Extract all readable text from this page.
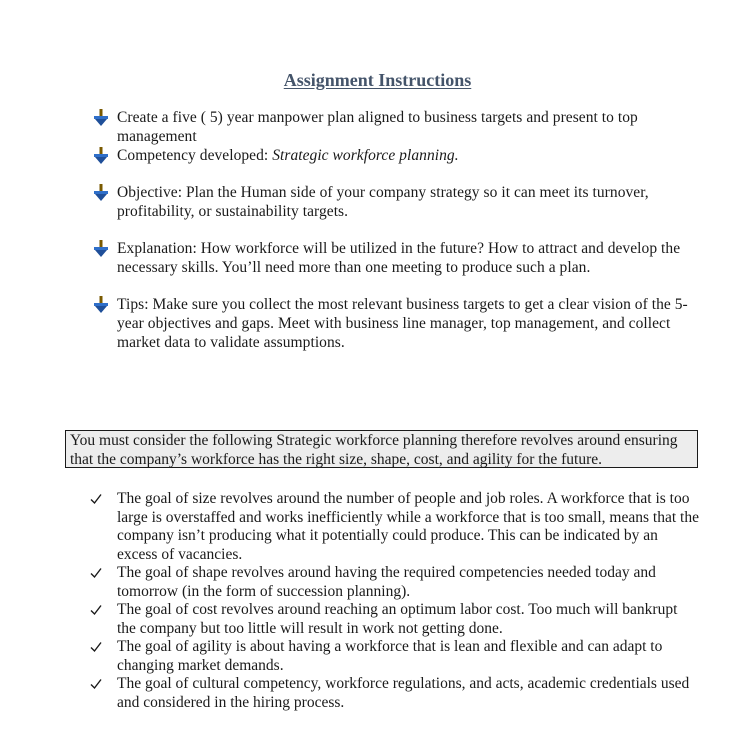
Assignment Instructions
Create a five ( 5) year manpower plan aligned to business targets and present to top management
Competency developed: Strategic workforce planning.
Objective: Plan the Human side of your company strategy so it can meet its turnover, profitability, or sustainability targets.
Explanation: How workforce will be utilized in the future? How to attract and develop the necessary skills. You’ll need more than one meeting to produce such a plan.
Tips: Make sure you collect the most relevant business targets to get a clear vision of the 5-year objectives and gaps. Meet with business line manager, top management, and collect market data to validate assumptions.
You must consider the following Strategic workforce planning therefore revolves around ensuring that the company’s workforce has the right size, shape, cost, and agility for the future.
The goal of size revolves around the number of people and job roles. A workforce that is too large is overstaffed and works inefficiently while a workforce that is too small, means that the company isn’t producing what it potentially could produce. This can be indicated by an excess of vacancies.
The goal of shape revolves around having the required competencies needed today and tomorrow (in the form of succession planning).
The goal of cost revolves around reaching an optimum labor cost. Too much will bankrupt the company but too little will result in work not getting done.
The goal of agility is about having a workforce that is lean and flexible and can adapt to changing market demands.
The goal of cultural competency, workforce regulations, and acts, academic credentials used and considered in the hiring process.
